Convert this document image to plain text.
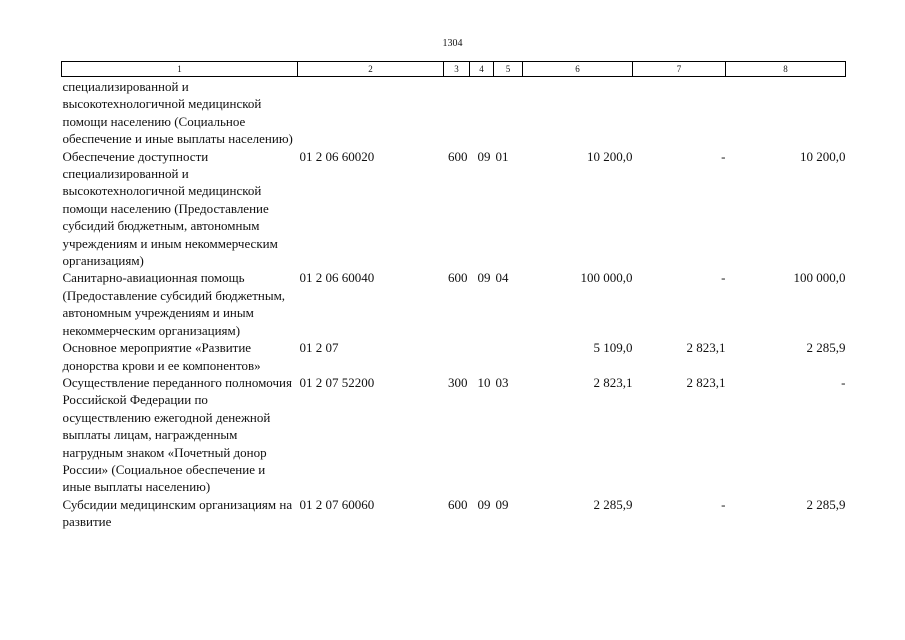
1304
1	2	3	4	5	6	7	8
специализированной и высокотехнологичной медицинской помощи населению (Социальное обеспечение и иные выплаты населению)							
Обеспечение доступности специализированной и высокотехнологичной медицинской помощи населению (Предоставление субсидий бюджетным, автономным учреждениям и иным некоммерческим организациям)	01 2 06 60020	600	09	01	10 200,0	-	10 200,0
Санитарно-авиационная помощь (Предоставление субсидий бюджетным, автономным учреждениям и иным некоммерческим организациям)	01 2 06 60040	600	09	04	100 000,0	-	100 000,0
Основное мероприятие «Развитие донорства крови и ее компонентов»	01 2 07				5 109,0	2 823,1	2 285,9
Осуществление переданного полномочия Российской Федерации по осуществлению ежегодной денежной выплаты лицам, награжденным нагрудным знаком «Почетный донор России» (Социальное обеспечение и иные выплаты населению)	01 2 07 52200	300	10	03	2 823,1	2 823,1	-
Субсидии медицинским организациям на развитие	01 2 07 60060	600	09	09	2 285,9	-	2 285,9
